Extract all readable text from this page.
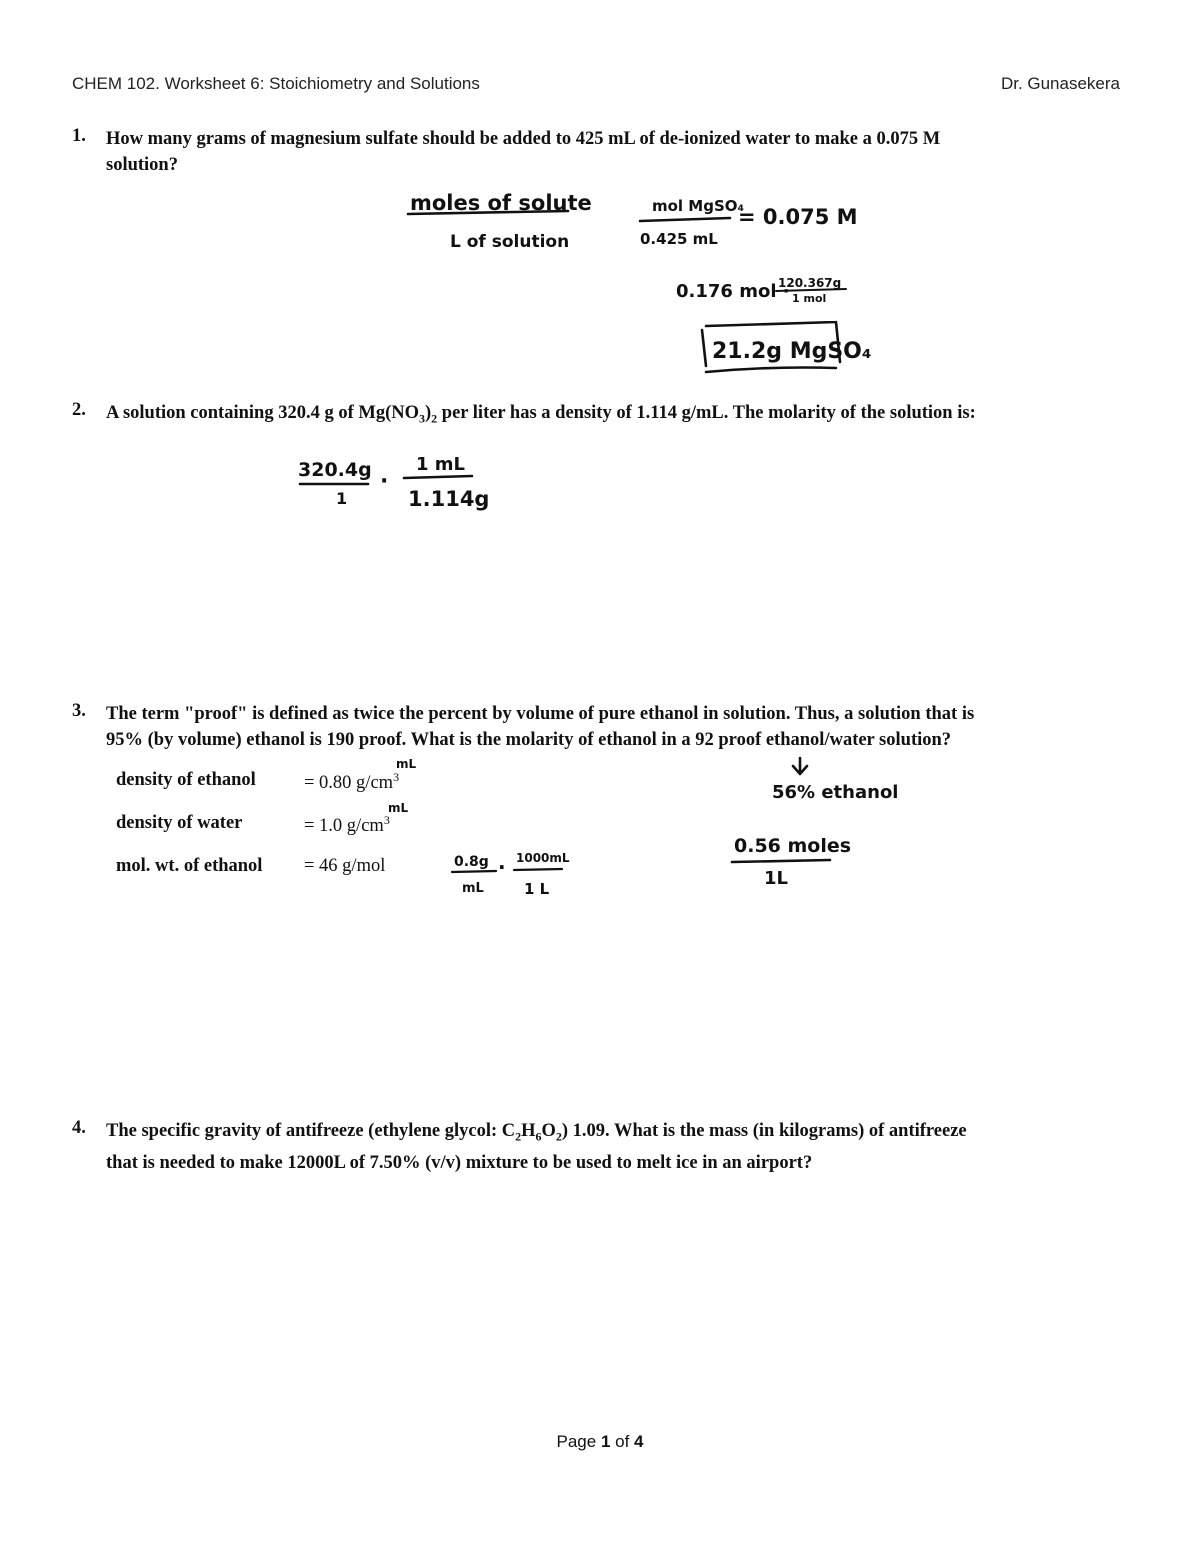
CHEM 102. Worksheet 6: Stoichiometry and Solutions	Dr. Gunasekera
1. How many grams of magnesium sulfate should be added to 425 mL of de-ionized water to make a 0.075 M
solution?
moles of solute
L of solution
mol MgSO₄
0.425 mL
= 0.075 M
0.176 mol ·
120.367g
1 mol
21.2g MgSO₄
320.4g
1
·
1 mL
1.114g
mL
mL
0.8g
mL
· 1000mL
1 L
56% ethanol
0.56 moles
1L
2. A solution containing 320.4 g of $Mg(NO_3)_2$ per liter has a density of 1.114 g/mL. The molarity of the solution is:
3. The term "proof" is defined as twice the percent by volume of pure ethanol in solution. Thus, a solution that is
95% (by volume) ethanol is 190 proof. What is the molarity of ethanol in a 92 proof ethanol/water solution?
density of ethanol	= 0.80 $g/cm^3$
density of water	= 1.0 $g/cm^3$
mol. wt. of ethanol = 46 g/mol
4. The specific gravity of antifreeze (ethylene glycol: $C_2H_6O_2$) 1.09. What is the mass (in kilograms) of antifreeze
that is needed to make 12000L of 7.50% (v/v) mixture to be used to melt ice in an airport?
Page 1 of 4
